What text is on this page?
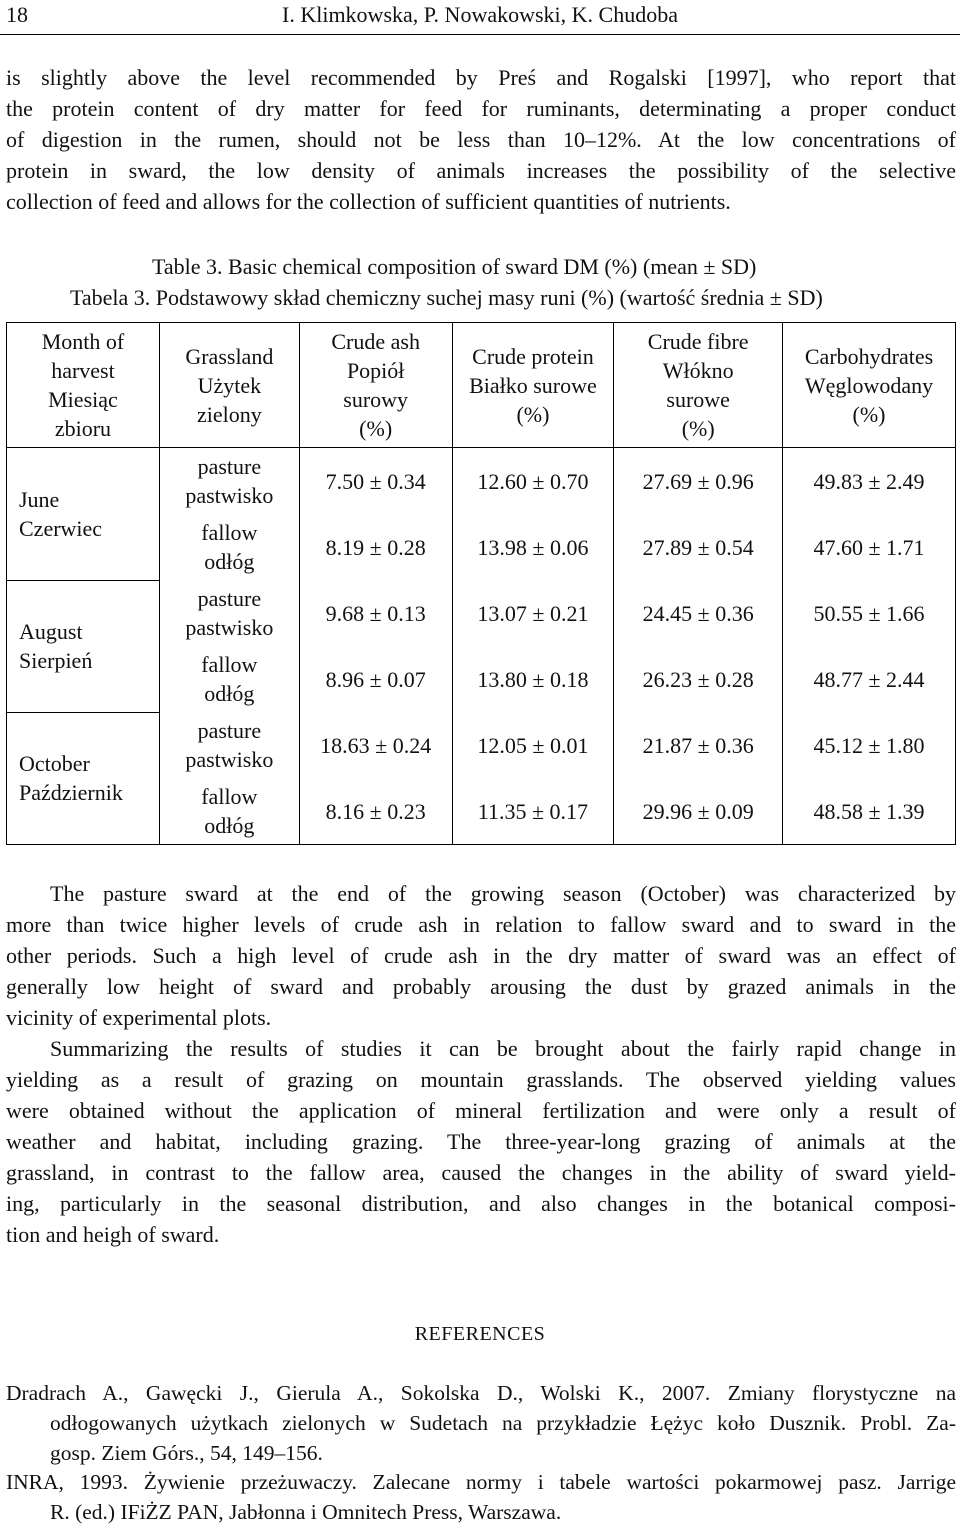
18	I. Klimkowska, P. Nowakowski, K. Chudoba
is slightly above the level recommended by Preś and Rogalski [1997], who report that
the protein content of dry matter for feed for ruminants, determinating a proper conduct
of digestion in the rumen, should not be less than 10–12%. At the low concentrations of
protein in sward, the low density of animals increases the possibility of the selective
collection of feed and allows for the collection of sufficient quantities of nutrients.
Table 3. Basic chemical composition of sward DM (%) (mean ± SD)
Tabela 3. Podstawowy skład chemiczny suchej masy runi (%) (wartość średnia ± SD)
Month of
harvest
Miesiąc
zbioru	Grassland
Użytek
zielony	Crude ash
Popiół
surowy
(%)	Crude protein
Białko surowe
(%)	Crude fibre
Włókno
surowe
(%)	Carbohydrates
Węglowodany
(%)

June
Czerwiec	pasture
pastwisko	7.50 ± 0.34	12.60 ± 0.70	27.69 ± 0.96	49.83 ± 2.49

	fallow
odłóg	8.19 ± 0.28	13.98 ± 0.06	27.89 ± 0.54	47.60 ± 1.71

August
Sierpień	pasture
pastwisko	9.68 ± 0.13	13.07 ± 0.21	24.45 ± 0.36	50.55 ± 1.66

	fallow
odłóg	8.96 ± 0.07	13.80 ± 0.18	26.23 ± 0.28	48.77 ± 2.44

October
Październik	pasture
pastwisko	18.63 ± 0.24	12.05 ± 0.01	21.87 ± 0.36	45.12 ± 1.80

	fallow
odłóg	8.16 ± 0.23	11.35 ± 0.17	29.96 ± 0.09	48.58 ± 1.39
The pasture sward at the end of the growing season (October) was characterized by
more than twice higher levels of crude ash in relation to fallow sward and to sward in the
other periods. Such a high level of crude ash in the dry matter of sward was an effect of
generally low height of sward and probably arousing the dust by grazed animals in the
vicinity of experimental plots.
Summarizing the results of studies it can be brought about the fairly rapid change in
yielding as a result of grazing on mountain grasslands. The observed yielding values
were obtained without the application of mineral fertilization and were only a result of
weather and habitat, including grazing. The three-year-long grazing of animals at the
grassland, in contrast to the fallow area, caused the changes in the ability of sward yield-
ing, particularly in the seasonal distribution, and also changes in the botanical composi-
tion and heigh of sward.
REFERENCES
Dradrach A., Gawęcki J., Gierula A., Sokolska D., Wolski K., 2007. Zmiany florystyczne na
odłogowanych użytkach zielonych w Sudetach na przykładzie Łężyc koło Dusznik. Probl. Za-
gosp. Ziem Górs., 54, 149–156.
INRA, 1993. Żywienie przeżuwaczy. Zalecane normy i tabele wartości pokarmowej pasz. Jarrige
R. (ed.) IFiŻZ PAN, Jabłonna i Omnitech Press, Warszawa.
